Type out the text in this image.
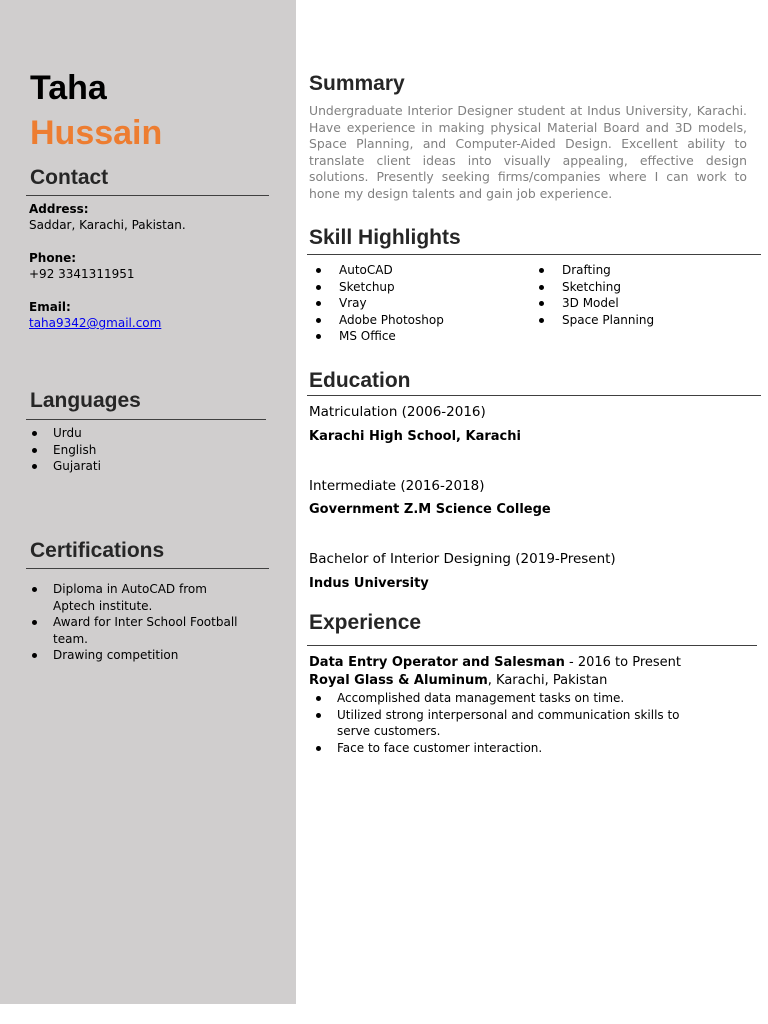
Taha
Hussain
Contact
Address:
Saddar, Karachi, Pakistan.
Phone:
+92 3341311951
Email:
taha9342@gmail.com
Languages
Urdu
English
Gujarati
Certifications
Diploma in AutoCAD from Aptech institute.
Award for Inter School Football team.
Drawing competition
Summary

Undergraduate Interior Designer student at Indus University, Karachi. Have experience in making physical Material Board and 3D models, Space Planning, and Computer-Aided Design. Excellent ability to translate client ideas into visually appealing, effective design solutions. Presently seeking firms/companies where I can work to hone my design talents and gain job experience.

Skill Highlights
AutoCAD
Sketchup
Vray
Adobe Photoshop
MS Office
Drafting
Sketching
3D Model
Space Planning
Education
Matriculation (2006-2016)
Karachi High School, Karachi
Intermediate (2016-2018)
Government Z.M Science College
Bachelor of Interior Designing (2019-Present)
Indus University
Experience
Data Entry Operator and Salesman - 2016 to Present
Royal Glass & Aluminum, Karachi, Pakistan
Accomplished data management tasks on time.
Utilized strong interpersonal and communication skills to serve customers.
Face to face customer interaction.
